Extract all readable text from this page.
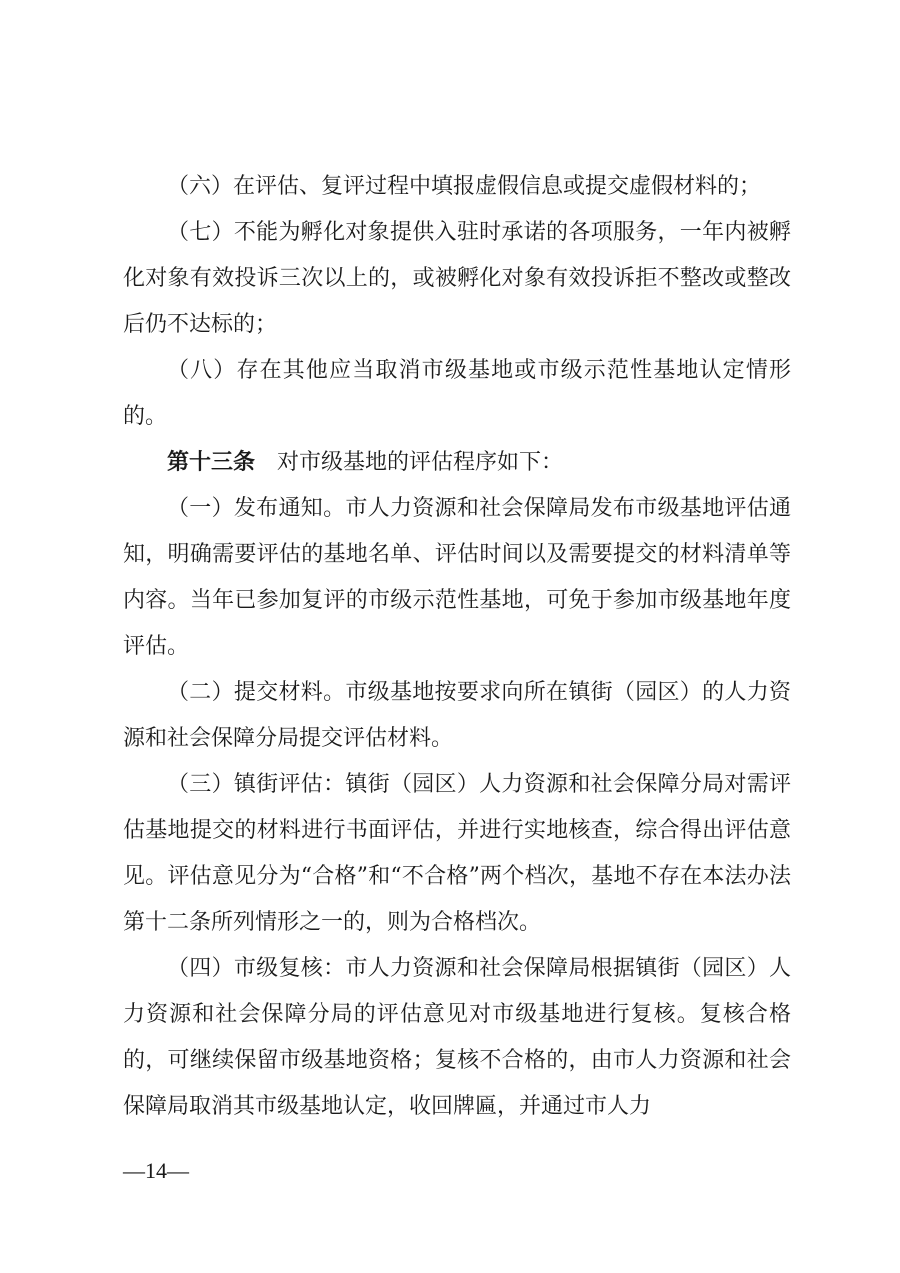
（六）在评估、复评过程中填报虚假信息或提交虚假材料的；

（七）不能为孵化对象提供入驻时承诺的各项服务，一年内被孵化对象有效投诉三次以上的，或被孵化对象有效投诉拒不整改或整改后仍不达标的；

（八）存在其他应当取消市级基地或市级示范性基地认定情形的。

第十三条 对市级基地的评估程序如下：

（一）发布通知。市人力资源和社会保障局发布市级基地评估通知，明确需要评估的基地名单、评估时间以及需要提交的材料清单等内容。当年已参加复评的市级示范性基地，可免于参加市级基地年度评估。

（二）提交材料。市级基地按要求向所在镇街（园区）的人力资源和社会保障分局提交评估材料。

（三）镇街评估：镇街（园区）人力资源和社会保障分局对需评估基地提交的材料进行书面评估，并进行实地核查，综合得出评估意见。评估意见分为“合格”和“不合格”两个档次，基地不存在本法办法第十二条所列情形之一的，则为合格档次。

（四）市级复核：市人力资源和社会保障局根据镇街（园区）人力资源和社会保障分局的评估意见对市级基地进行复核。复核合格的，可继续保留市级基地资格；复核不合格的，由市人力资源和社会保障局取消其市级基地认定，收回牌匾，并通过市人力

—14—
